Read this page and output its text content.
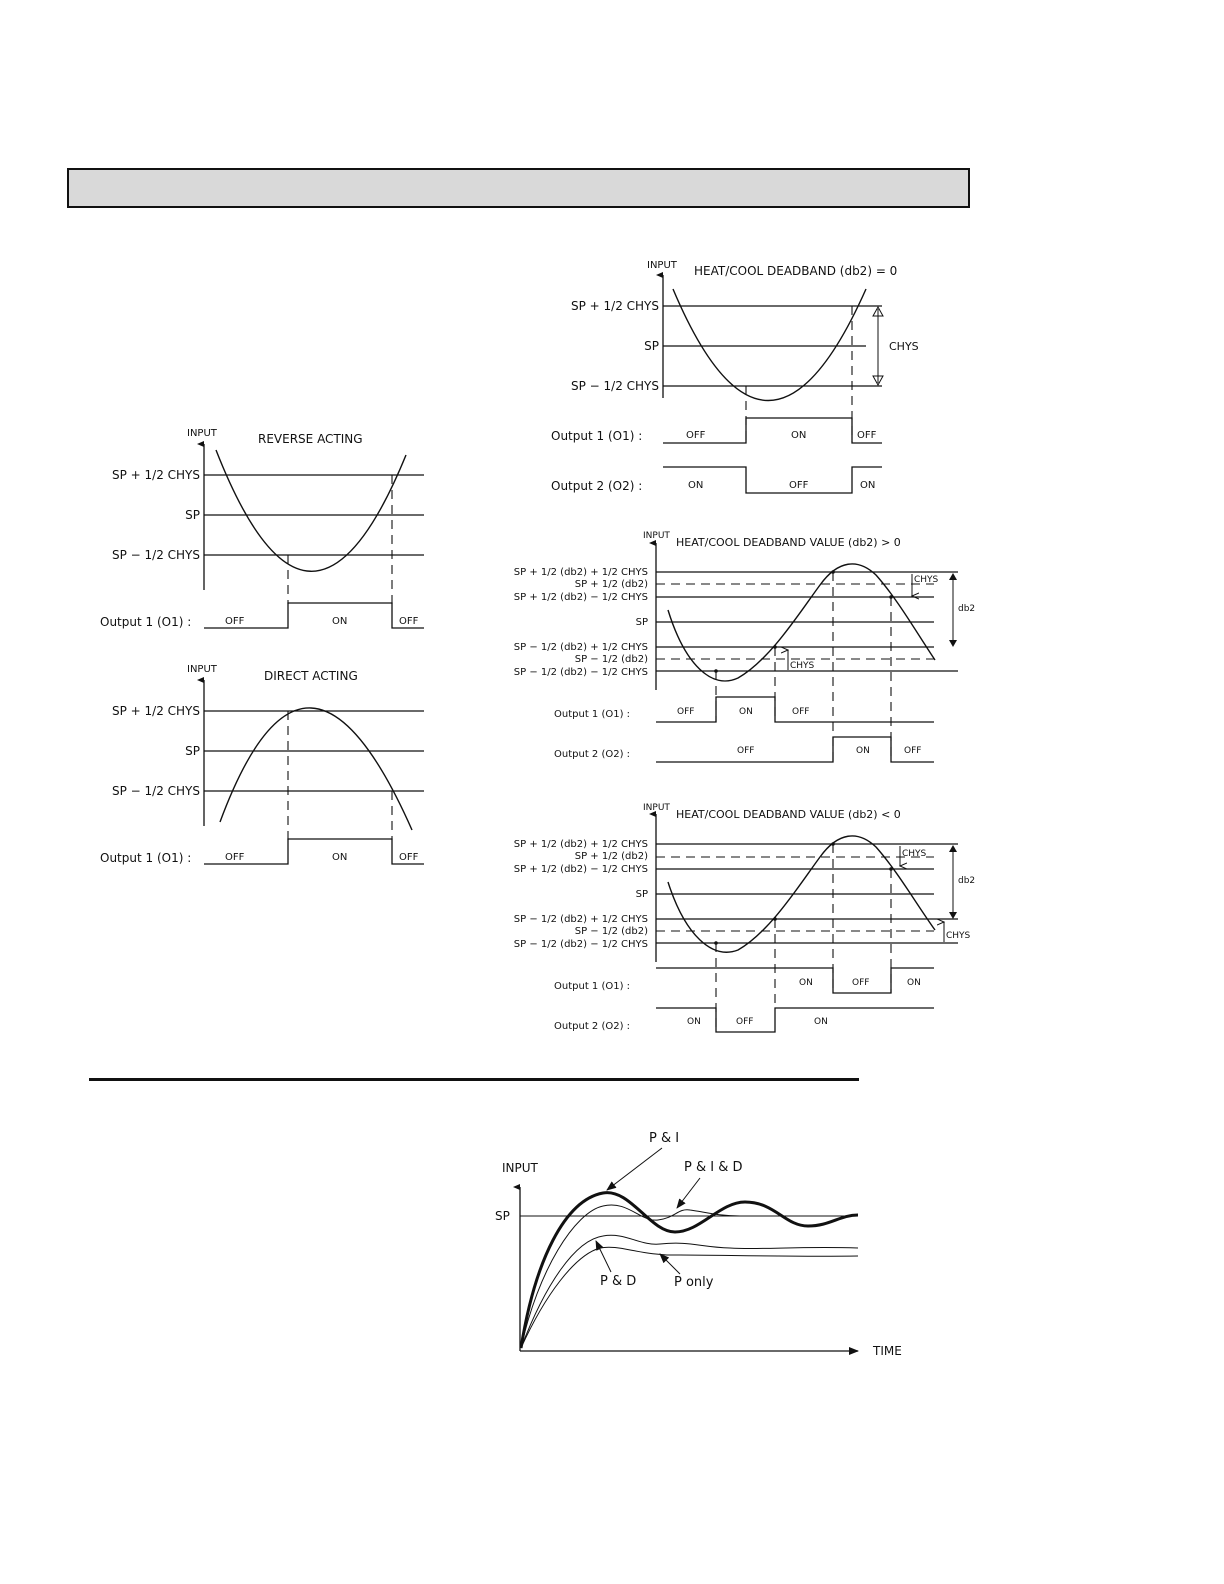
INPUT	REVERSE ACTING
SP + 1/2 CHYS
SP
SP − 1/2 CHYS
Output 1 (O1) :	OFF	ON	OFF
INPUT	DIRECT ACTING
SP + 1/2 CHYS
SP
SP − 1/2 CHYS
Output 1 (O1) :	OFF	ON	OFF
INPUT HEAT/COOL DEADBAND (db2) = 0
SP + 1/2 CHYS
SP
SP − 1/2 CHYS
CHYS
Output 1 (O1) :	OFF	ON	OFF
Output 2 (O2) :	ON	OFF	ON
INPUT HEAT/COOL DEADBAND VALUE (db2) > 0
SP + 1/2 (db2) + 1/2 CHYS
SP + 1/2 (db2)
SP + 1/2 (db2) − 1/2 CHYS
SP
SP − 1/2 (db2) + 1/2 CHYS
SP − 1/2 (db2)
SP − 1/2 (db2) − 1/2 CHYS
CHYS
CHYS
db2
Output 1 (O1) :	OFF	ON	OFF
Output 2 (O2) :	OFF	ON	OFF
INPUT HEAT/COOL DEADBAND VALUE (db2) < 0
SP + 1/2 (db2) + 1/2 CHYS
SP + 1/2 (db2)
SP + 1/2 (db2) − 1/2 CHYS
SP
SP − 1/2 (db2) + 1/2 CHYS
SP − 1/2 (db2)
SP − 1/2 (db2) − 1/2 CHYS
CHYS
CHYS
db2
Output 1 (O1) :	ON	OFF	ON
Output 2 (O2) :	ON	OFF	ON
INPUT
TIME
SP
P & I
P & I & D
P & D	P only
